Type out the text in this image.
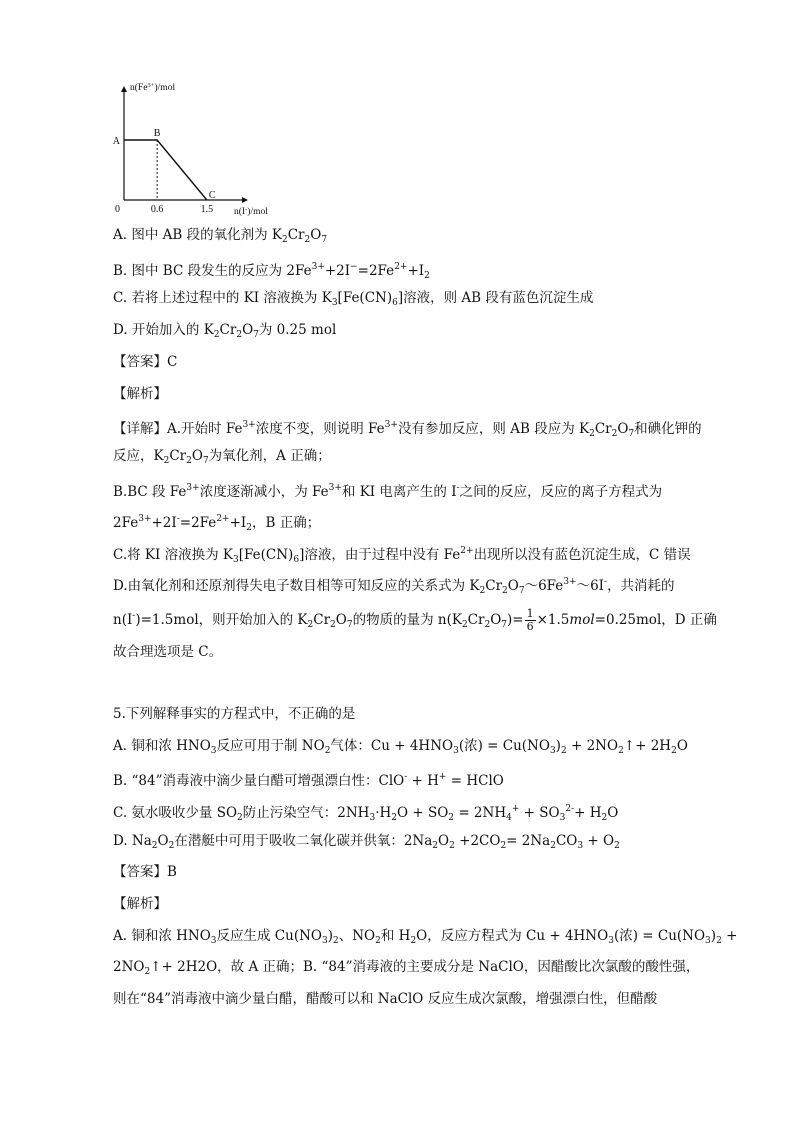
$n(Fe^{3+})$/mol
n(I-)/mol
0
A
B
C
0.6	1.5
A. 图中 AB 段的氧化剂为 $K_2Cr_2O_7$
B. 图中 BC 段发生的反应为 $2Fe^{3+}+2I^-=2Fe^{2+}+I_2$
C. 若将上述过程中的 KI 溶液换为 $K_3[Fe(CN)_6]$溶液，则 AB 段有蓝色沉淀生成
D. 开始加入的 $K_2Cr_2O_7$为 0.25 mol
【答案】C
【解析】
【详解】A.开始时 $Fe^{3+}$浓度不变，则说明 $Fe^{3+}$没有参加反应，则 AB 段应为 $K_2Cr_2O_7$和碘化钾的
反应，$K_2Cr_2O_7$为氧化剂，A 正确；
B.BC 段 $Fe^{3+}$浓度逐渐减小，为 $Fe^{3+}$和 KI 电离产生的 I-之间的反应，反应的离子方程式为
$2Fe^{3+}+2I^-=2Fe^{2+}+I_2$，B 正确；
C.将 KI 溶液换为 $K_3[Fe(CN)_6]$溶液，由于过程中没有 $Fe^{2+}$出现所以没有蓝色沉淀生成，C 错误
D.由氧化剂和还原剂得失电子数目相等可知反应的关系式为 $K_2Cr_2O_7\sim 6Fe^{3+}\sim 6I^-$，共消耗的
n(I-)=1.5mol，则开始加入的 $K_2Cr_2O_7$的物质的量为 $n(K_2Cr_2O_7)= \frac{1}{6} \times 1.5mol=0.25mol$，D 正确
故合理选项是 C。
5.下列解释事实的方程式中，不正确的是
A. 铜和浓 $HNO_3$反应可用于制 $NO_2$气体：$Cu + 4HNO_3$(浓) = $Cu(NO_3)_2$ + $2NO_2↑+ 2H_2O$
B. “84”消毒液中滴少量白醋可增强漂白性：ClO- + H+ = HClO
C. 氨水吸收少量 $SO_2$防止污染空气：$2NH_3\cdot H_2O + SO_2 = 2NH_4^+ + SO_3^{2-}+ H_2O$
D. $Na_2O_2$在潜艇中可用于吸收二氧化碳并供氧：$2Na_2O_2 +2CO_2= 2Na_2CO_3 + O_2$
【答案】B
【解析】
A. 铜和浓 $HNO_3$反应生成 $Cu(NO_3)_2$、$NO_2$和 $H_2O$，反应方程式为 $Cu + 4HNO_3$(浓) = $Cu(NO_3)_2$ +
$2NO_2↑+ 2H2O$，故 A 正确；B. “84”消毒液的主要成分是 NaClO，因醋酸比次氯酸的酸性强，
则在“84”消毒液中滴少量白醋，醋酸可以和 NaClO 反应生成次氯酸，增强漂白性，但醋酸
